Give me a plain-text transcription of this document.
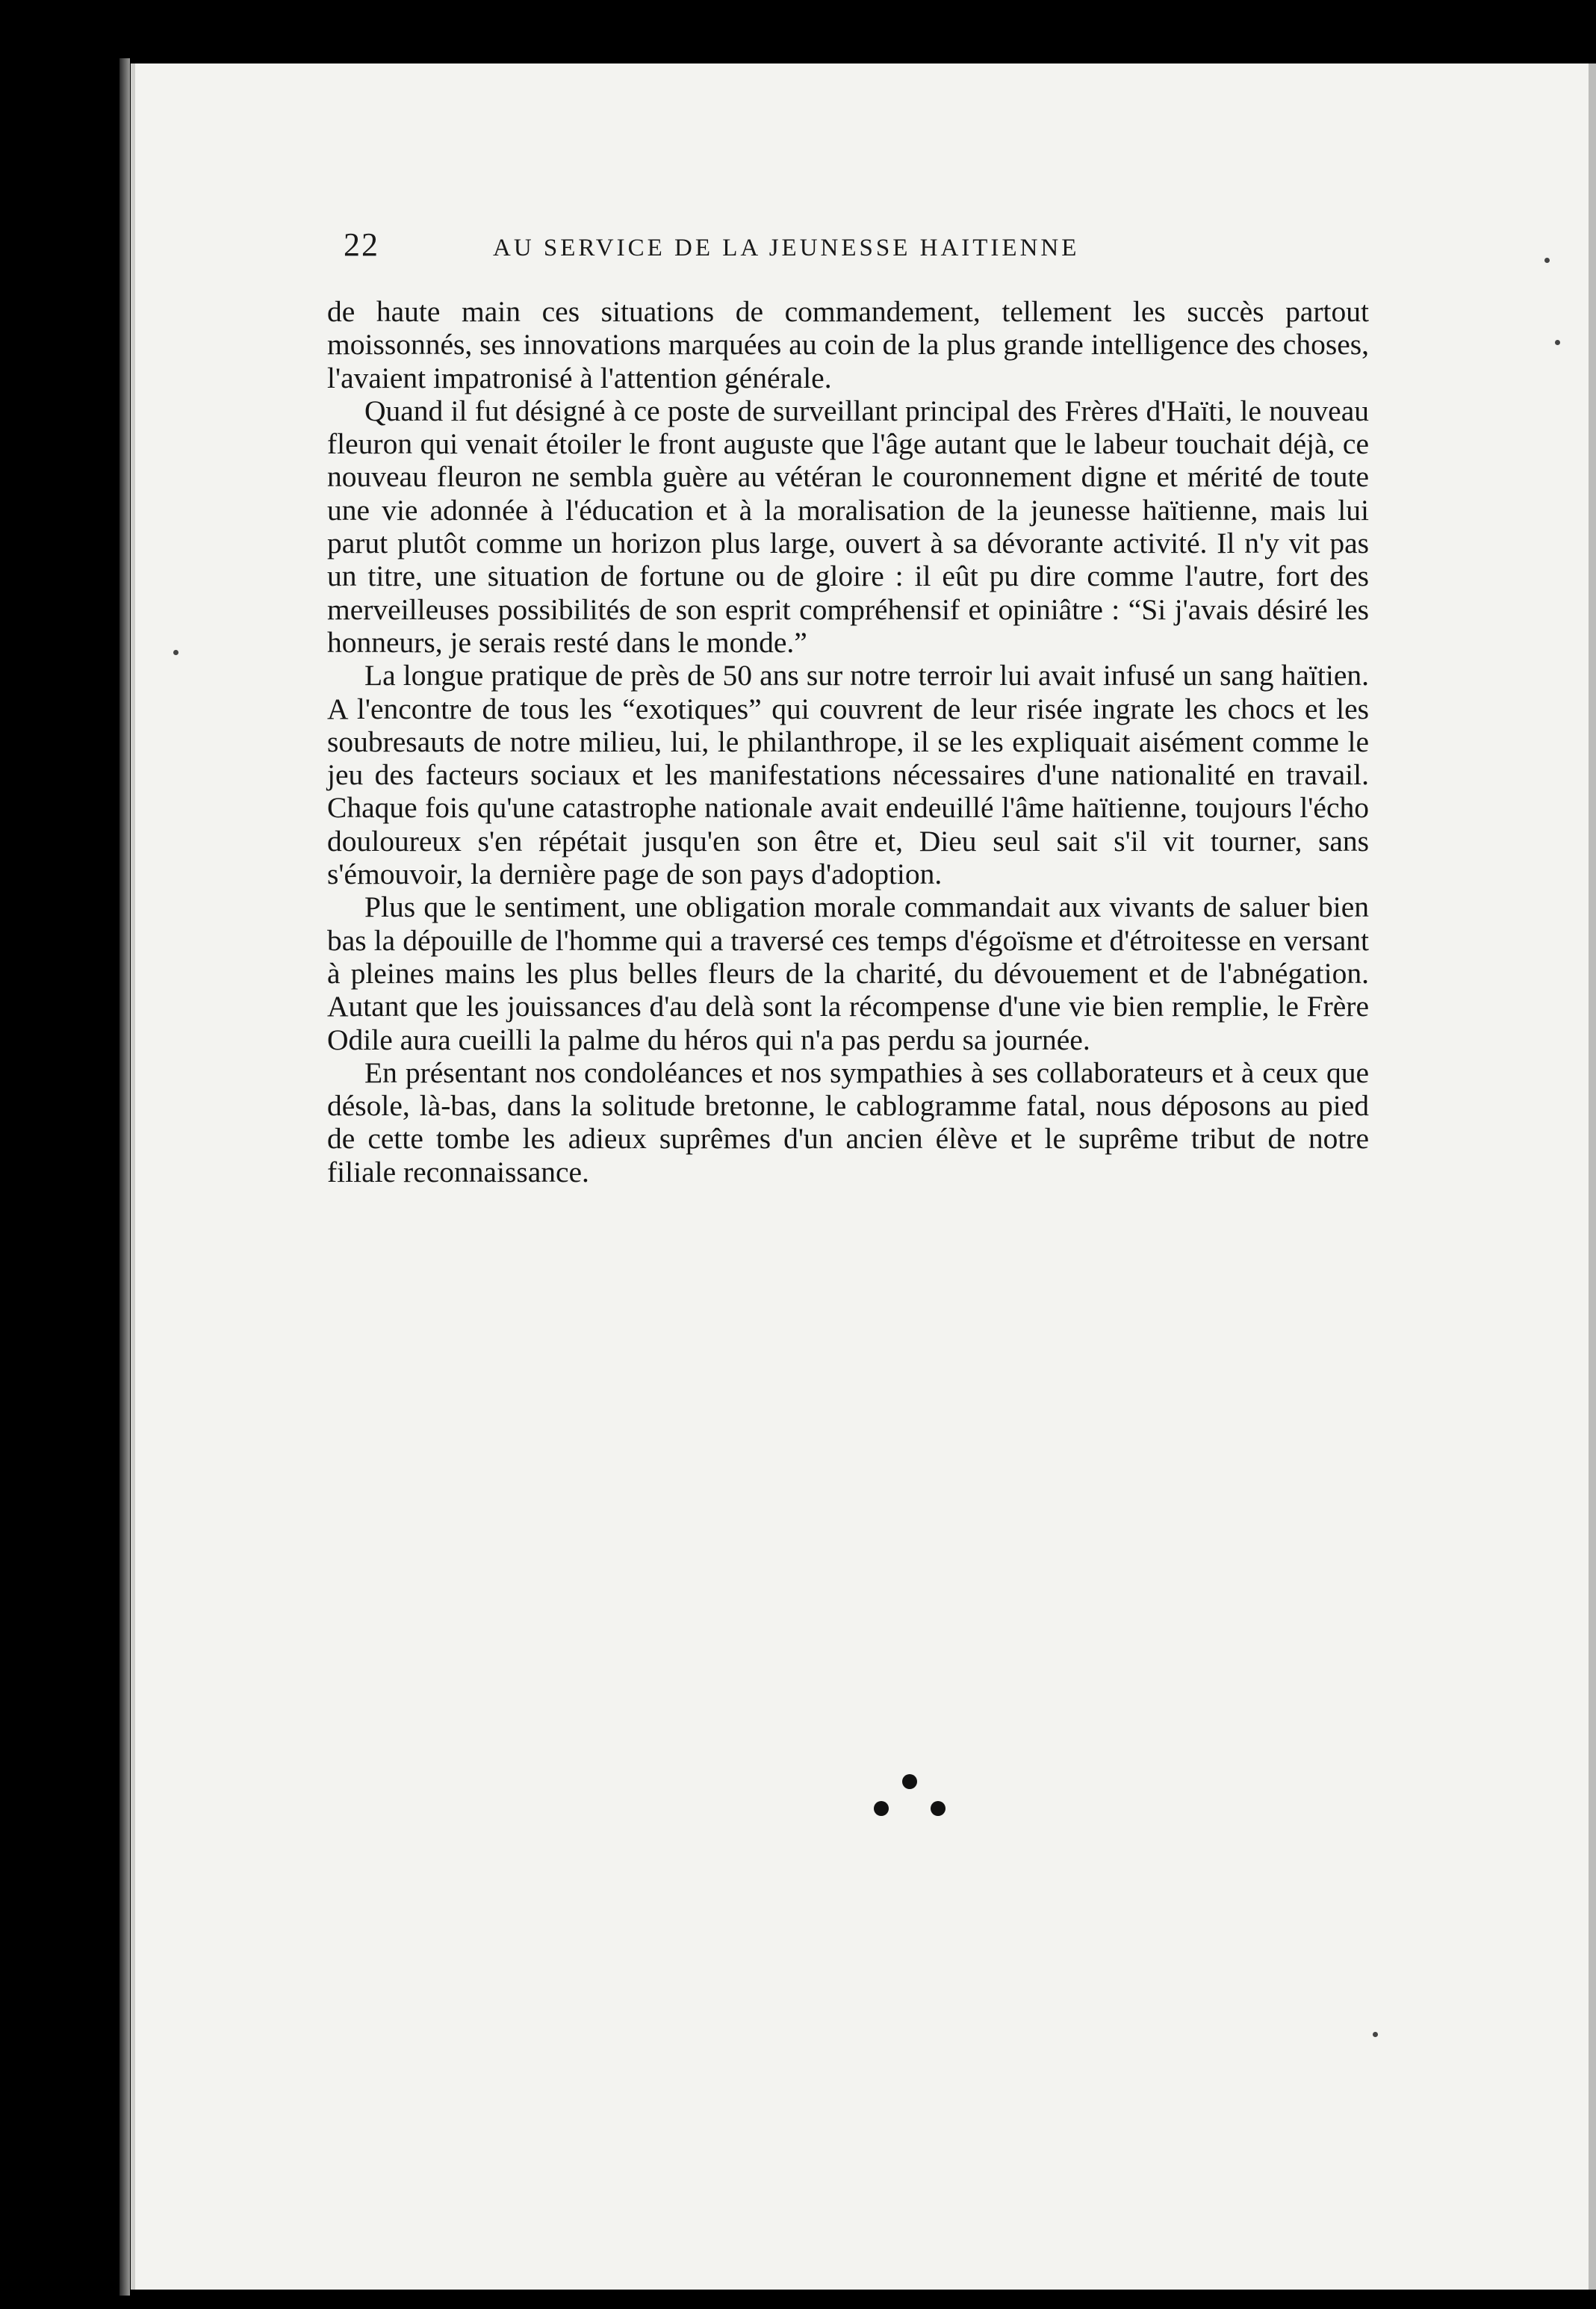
22	AU SERVICE DE LA JEUNESSE HAITIENNE

de haute main ces situations de commandement, tellement les succès partout moissonnés, ses innovations marquées au coin de la plus grande intelligence des choses, l'avaient impatronisé à l'attention générale.

Quand il fut désigné à ce poste de surveillant principal des Frères d'Haïti, le nouveau fleuron qui venait étoiler le front auguste que l'âge autant que le labeur touchait déjà, ce nouveau fleuron ne sembla guère au vétéran le couronnement digne et mérité de toute une vie adonnée à l'éducation et à la moralisation de la jeunesse haïtienne, mais lui parut plutôt comme un horizon plus large, ouvert à sa dévorante activité. Il n'y vit pas un titre, une situation de fortune ou de gloire : il eût pu dire comme l'autre, fort des merveilleuses possibilités de son esprit compréhensif et opiniâtre : “Si j'avais désiré les honneurs, je serais resté dans le monde.”

La longue pratique de près de 50 ans sur notre terroir lui avait infusé un sang haïtien. A l'encontre de tous les “exotiques” qui couvrent de leur risée ingrate les chocs et les soubresauts de notre milieu, lui, le philanthrope, il se les expliquait aisément comme le jeu des facteurs sociaux et les manifestations nécessaires d'une nationalité en travail. Chaque fois qu'une catastrophe nationale avait endeuillé l'âme haïtienne, toujours l'écho douloureux s'en répétait jusqu'en son être et, Dieu seul sait s'il vit tourner, sans s'émouvoir, la dernière page de son pays d'adoption.

Plus que le sentiment, une obligation morale commandait aux vivants de saluer bien bas la dépouille de l'homme qui a traversé ces temps d'égoïsme et d'étroitesse en versant à pleines mains les plus belles fleurs de la charité, du dévouement et de l'abnégation. Autant que les jouissances d'au delà sont la récompense d'une vie bien remplie, le Frère Odile aura cueilli la palme du héros qui n'a pas perdu sa journée.

En présentant nos condoléances et nos sympathies à ses collaborateurs et à ceux que désole, là-bas, dans la solitude bretonne, le cablogramme fatal, nous déposons au pied de cette tombe les adieux suprêmes d'un ancien élève et le suprême tribut de notre filiale reconnaissance.
